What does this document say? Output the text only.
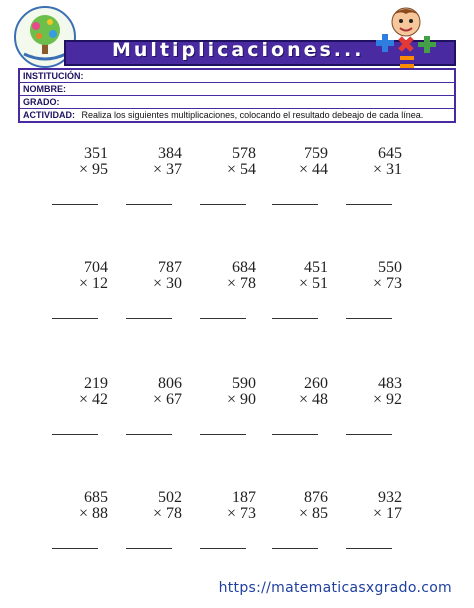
Multiplicaciones...
INSTITUCIÓN:
NOMBRE:
GRADO:
ACTIVIDAD: Realiza los siguientes multiplicaciones, colocando el resultado debeajo de cada línea.
351
× 95
384
× 37
578
× 54
759
× 44
645
× 31
704
× 12
787
× 30
684
× 78
451
× 51
550
× 73
219
× 42
806
× 67
590
× 90
260
× 48
483
× 92
685
× 88
502
× 78
187
× 73
876
× 85
932
× 17
https://matematicasxgrado.com
